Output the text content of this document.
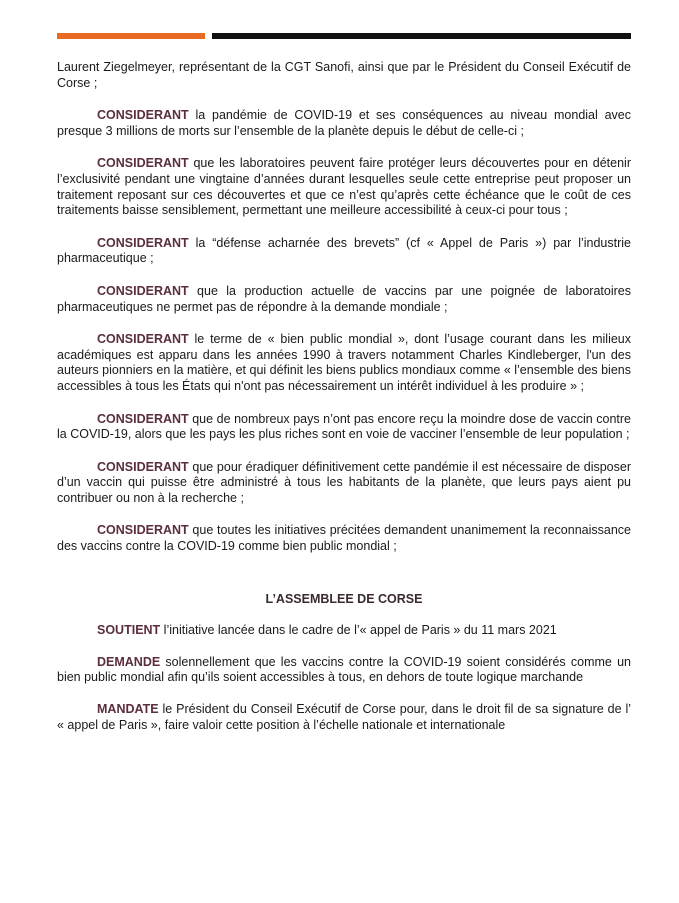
Laurent Ziegelmeyer, représentant de la CGT Sanofi, ainsi que par le Président du Conseil Exécutif de Corse ;

CONSIDERANT la pandémie de COVID-19 et ses conséquences au niveau mondial avec presque 3 millions de morts sur l’ensemble de la planète depuis le début de celle-ci ;

CONSIDERANT que les laboratoires peuvent faire protéger leurs découvertes pour en détenir l’exclusivité pendant une vingtaine d’années durant lesquelles seule cette entreprise peut proposer un traitement reposant sur ces découvertes et que ce n’est qu’après cette échéance que le coût de ces traitements baisse sensiblement, permettant une meilleure accessibilité à ceux-ci pour tous ;

CONSIDERANT la “défense acharnée des brevets” (cf « Appel de Paris ») par l’industrie pharmaceutique ;

CONSIDERANT que la production actuelle de vaccins par une poignée de laboratoires pharmaceutiques ne permet pas de répondre à la demande mondiale ;

CONSIDERANT le terme de « bien public mondial », dont l’usage courant dans les milieux académiques est apparu dans les années 1990 à travers notamment Charles Kindleberger, l'un des auteurs pionniers en la matière, et qui définit les biens publics mondiaux comme « l’ensemble des biens accessibles à tous les États qui n'ont pas nécessairement un intérêt individuel à les produire » ;

CONSIDERANT que de nombreux pays n’ont pas encore reçu la moindre dose de vaccin contre la COVID-19, alors que les pays les plus riches sont en voie de vacciner l’ensemble de leur population ;

CONSIDERANT que pour éradiquer définitivement cette pandémie il est nécessaire de disposer d’un vaccin qui puisse être administré à tous les habitants de la planète, que leurs pays aient pu contribuer ou non à la recherche ;

CONSIDERANT que toutes les initiatives précitées demandent unanimement la reconnaissance des vaccins contre la COVID-19 comme bien public mondial ;

L’ASSEMBLEE DE CORSE

SOUTIENT l’initiative lancée dans le cadre de l’« appel de Paris » du 11 mars 2021

DEMANDE solennellement que les vaccins contre la COVID-19 soient considérés comme un bien public mondial afin qu’ils soient accessibles à tous, en dehors de toute logique marchande

MANDATE le Président du Conseil Exécutif de Corse pour, dans le droit fil de sa signature de l’ « appel de Paris », faire valoir cette position à l’échelle nationale et internationale
